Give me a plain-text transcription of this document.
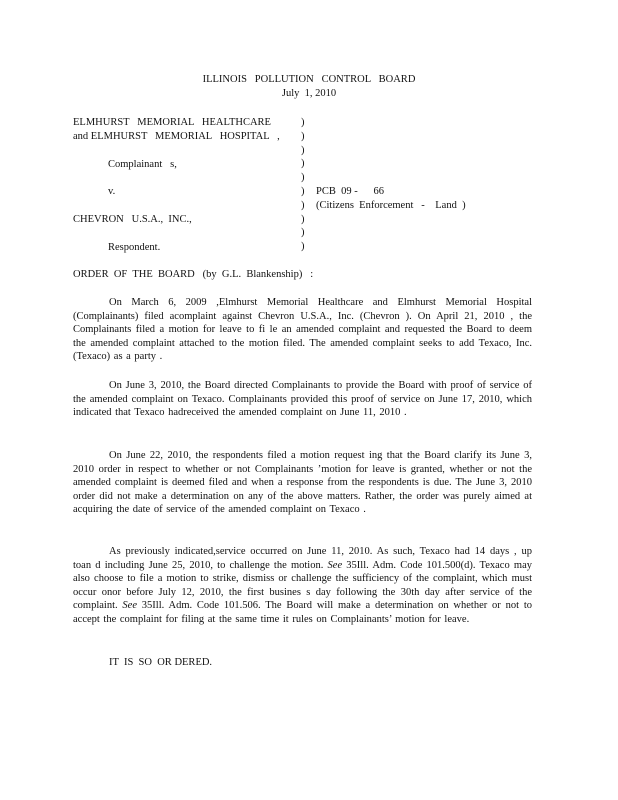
ILLINOIS   POLLUTION   CONTROL   BOARD
July  1, 2010
ELMHURST   MEMORIAL   HEALTHCARE
and ELMHURST   MEMORIAL   HOSPITAL   ,
Complainant   s,
v.
CHEVRON   U.S.A.,  INC.,
Respondent.
)
)
)
)
)
)
)
)
)
)
PCB  09 -      66
(Citizens  Enforcement   -    Land  )
ORDER  OF  THE  BOARD   (by  G.L.  Blankenship)   :
On March 6, 2009 ,Elmhurst Memorial Healthcare and Elmhurst Memorial Hospital (Complainants) filed acomplaint against Chevron U.S.A., Inc. (Chevron ). On April 21, 2010 , the Complainants filed a motion for leave to fi le an amended complaint and requested the Board to deem the amended complaint attached to the motion filed. The amended complaint seeks to add Texaco, Inc. (Texaco) as a party .
On June 3, 2010, the Board directed Complainants to provide the Board with proof of service of the amended complaint on Texaco. Complainants provided this proof of service on June 17, 2010, which indicated that Texaco hadreceived the amended complaint on June 11, 2010 .
On June 22, 2010, the respondents filed a motion request ing that the Board clarify its June 3, 2010 order in respect to whether or not Complainants ’motion for leave is granted, whether or not the amended complaint is deemed filed and when a response from the respondents is due. The June 3, 2010 order did not make a determination on any of the above matters. Rather, the order was purely aimed at acquiring the date of service of the amended complaint on Texaco .
As previously indicated,service occurred on June 11, 2010. As such, Texaco had 14 days , up toan d including June 25, 2010, to challenge the motion. See 35Ill. Adm. Code 101.500(d). Texaco may also choose to file a motion to strike, dismiss or challenge the sufficiency of the complaint, which must occur onor before July 12, 2010, the first busines s day following the 30th day after service of the complaint. See 35Ill. Adm. Code 101.506. The Board will make a determination on whether or not to accept the complaint for filing at the same time it rules on Complainants’ motion for leave.
IT  IS  SO  OR DERED.
